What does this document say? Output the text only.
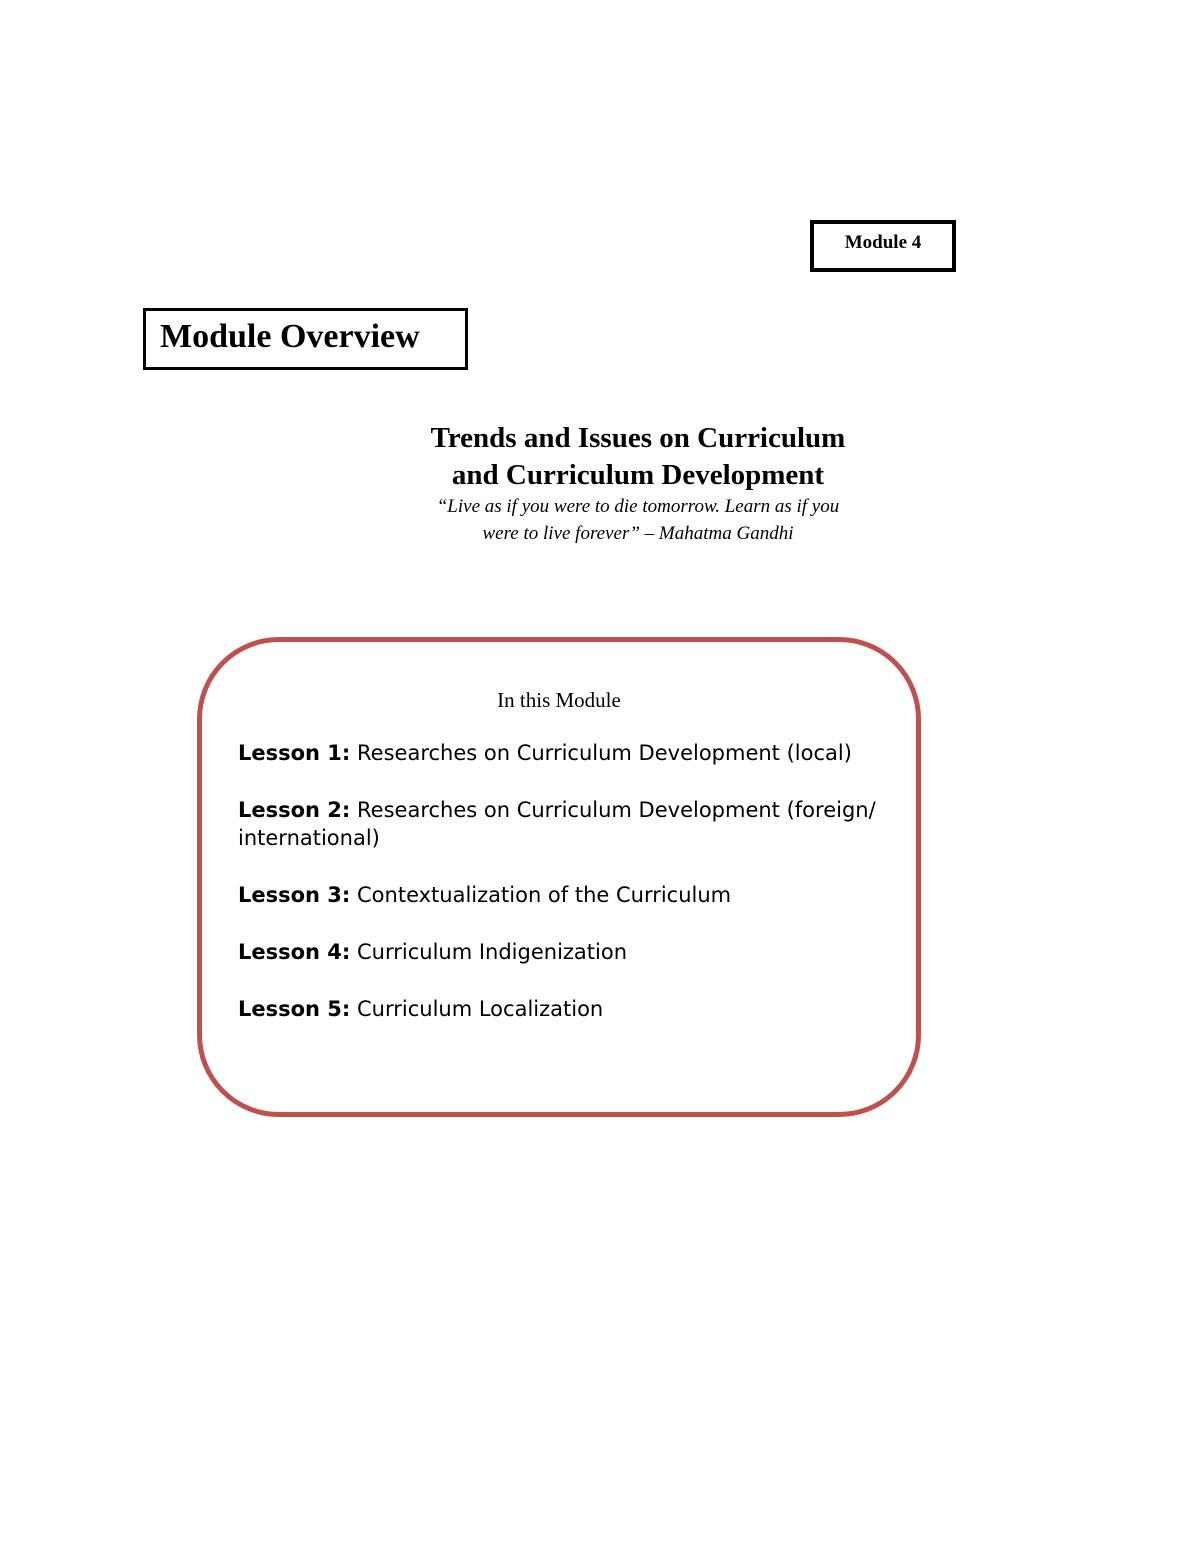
Module 4
Module Overview
Trends and Issues on Curriculum
and Curriculum Development
“Live as if you were to die tomorrow. Learn as if you
were to live forever” – Mahatma Gandhi
In this Module
Lesson 1: Researches on Curriculum Development (local)
Lesson 2: Researches on Curriculum Development (foreign/ international)
Lesson 3: Contextualization of the Curriculum
Lesson 4: Curriculum Indigenization
Lesson 5: Curriculum Localization
